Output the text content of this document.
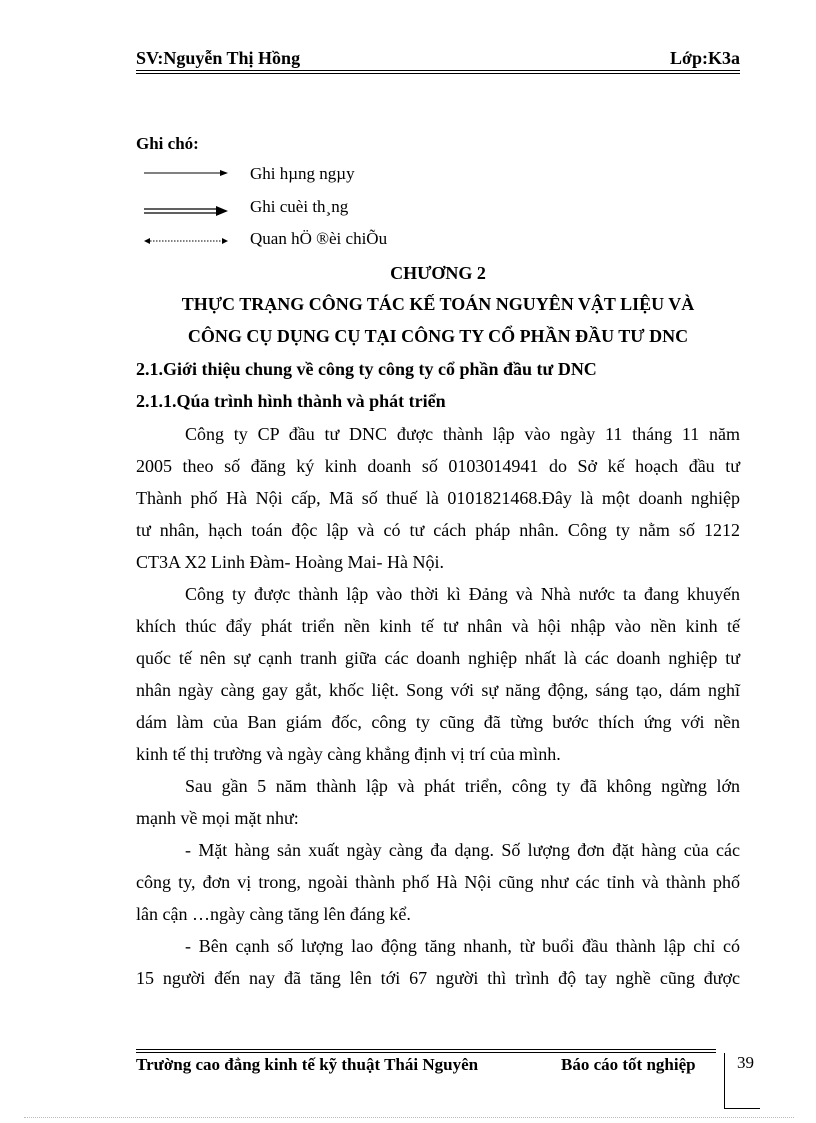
SV:Nguyễn Thị Hồng	Lớp:K3a
Ghi chó:
Ghi hµng ngµy
Ghi cuèi th¸ng
Quan hÖ ®èi chiÕu
CHƯƠNG 2
THỰC TRẠNG CÔNG TÁC KẾ TOÁN NGUYÊN VẬT LIỆU VÀ
CÔNG CỤ DỤNG CỤ TẠI CÔNG TY CỔ PHẦN ĐẦU TƯ DNC
2.1.Giới thiệu chung về công ty công ty cổ phần đầu tư DNC
2.1.1.Qúa trình hình thành và phát triển
Công ty CP đầu tư DNC được thành lập vào ngày 11 tháng 11 năm
2005 theo số đăng ký kinh doanh số 0103014941 do Sở kế hoạch đầu tư
Thành phố Hà Nội cấp, Mã số thuế là 0101821468.Đây là một doanh nghiệp
tư nhân, hạch toán độc lập và có tư cách pháp nhân. Công ty nằm số 1212
CT3A X2 Linh Đàm- Hoàng Mai- Hà Nội.
Công ty được thành lập vào thời kì Đảng và Nhà nước ta đang khuyến
khích thúc đẩy phát triển nền kinh tế tư nhân và hội nhập vào nền kinh tế
quốc tế nên sự cạnh tranh giữa các doanh nghiệp nhất là các doanh nghiệp tư
nhân ngày càng gay gắt, khốc liệt. Song với sự năng động, sáng tạo, dám nghĩ
dám làm của Ban giám đốc, công ty cũng đã từng bước thích ứng với nền
kinh tế thị trường và ngày càng khẳng định vị trí của mình.
Sau gần 5 năm thành lập và phát triển, công ty đã không ngừng lớn
mạnh về mọi mặt như:
- Mặt hàng sản xuất ngày càng đa dạng. Số lượng đơn đặt hàng của các
công ty, đơn vị trong, ngoài thành phố Hà Nội cũng như các tỉnh và thành phố
lân cận …ngày càng tăng lên đáng kể.
- Bên cạnh số lượng lao động tăng nhanh, từ buổi đầu thành lập chỉ có
15 người đến nay đã tăng lên tới 67 người thì trình độ tay nghề cũng được
Trường cao đẳng kinh tế kỹ thuật Thái Nguyên	Báo cáo tốt nghiệp 39
